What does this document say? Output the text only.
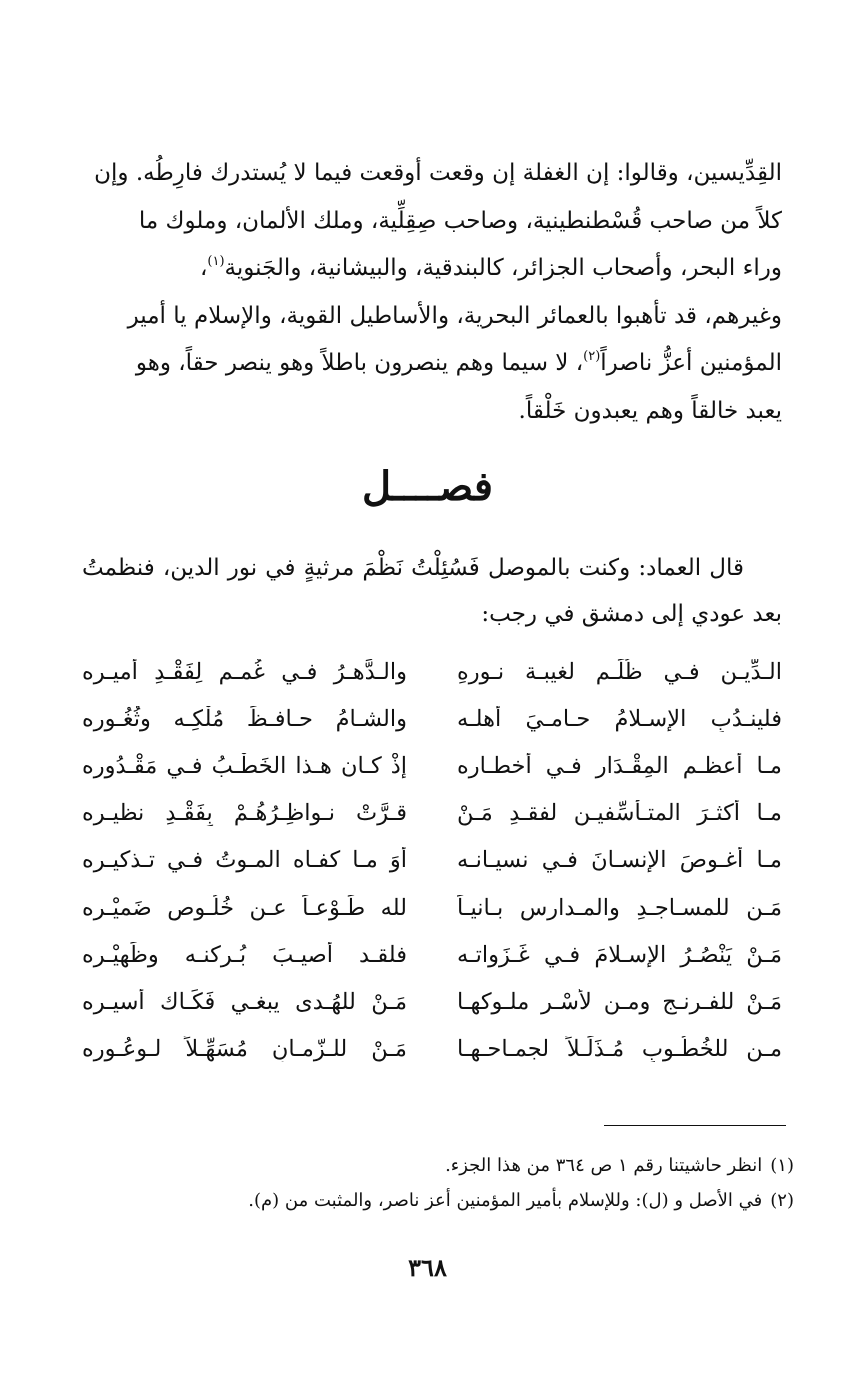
القِدِّيسين، وقالوا: إن الغفلة إن وقعت أوقعت فيما لا يُستدرك فارِطُه. وإن

كلاً من صاحب قُسْطنطينية، وصاحب صِقِلِّية، وملك الألمان، وملوك ما

وراء البحر، وأصحاب الجزائر، كالبندقية، والبيشانية، والجَنوية$^{(١)}$،

وغيرهم، قد تأهبوا بالعمائر البحرية، والأساطيل القوية، والإسلام يا أمير

المؤمنين أعزُّ ناصراً$^{(٢)}$، لا سيما وهم ينصرون باطلاً وهو ينصر حقاً، وهو

يعبد خالقاً وهم يعبدون خَلْقاً.

فصــــل

قال العماد: وكنت بالموصل فَسُئِلْتُ نَظْمَ مرثيةٍ في نور الدين، فنظمتُ بعد عودي إلى دمشق في رجب:

الـدِّيـن فـي ظُلَـمٍ لغيبـة نـورِهِ
والـدَّهـرُ فـي غُمـمٍ لِفَقْـدِ أميـرِه
فلينـدُبِ الإسـلامُ حـامـيَ أهلـه
والشـامُ حـافـظَ مُلْكِـه وثُغُـورِه
مـا أعظـم المِقْـدَار فـي أخطـاره
إذْ كـان هـذا الخَطْـبُ فـي مَقْـدُوره
مـا أكثـرَ المتـأسِّفيـن لفقـدِ مَـنْ
قـرَّتْ نـواظِـرُهُـمْ بِفَقْـدِ نظيـرِه
مـا أغـوصَ الإنسـانَ فـي نسيـانـه
أوَ مـا كفـاه المـوتُ فـي تـذكيـرِه
مَـن للمسـاجـدِ والمـدارس بـانيـاً
لله طَـوْعـاً عـن خُلُـوص ضَميْـرِه
مَـنْ يَنْصُـرُ الإسـلامَ فـي غَـزَواتـه
فلقـد أُصيـبَ بُـركنـه وظَهِيْـرِه
مَـنْ للفـرنـج ومـن لأسْـرِ ملـوكهـا
مَـنْ للهُـدى يبغـي فَكَـاك أسيـرِه
مـن للخُطُـوبِ مُـذَلِّـلاً لجمـاحـهـا
مَـنْ للـزّمـانِ مُسَهِّـلاً لـوعُـوره
(١)
انظر حاشيتنا رقم ١ ص ٣٦٤ من هذا الجزء.
(٢)
في الأصل و (ل): وللإسلام بأمير المؤمنين أعز ناصر، والمثبت من (م).
٣٦٨
